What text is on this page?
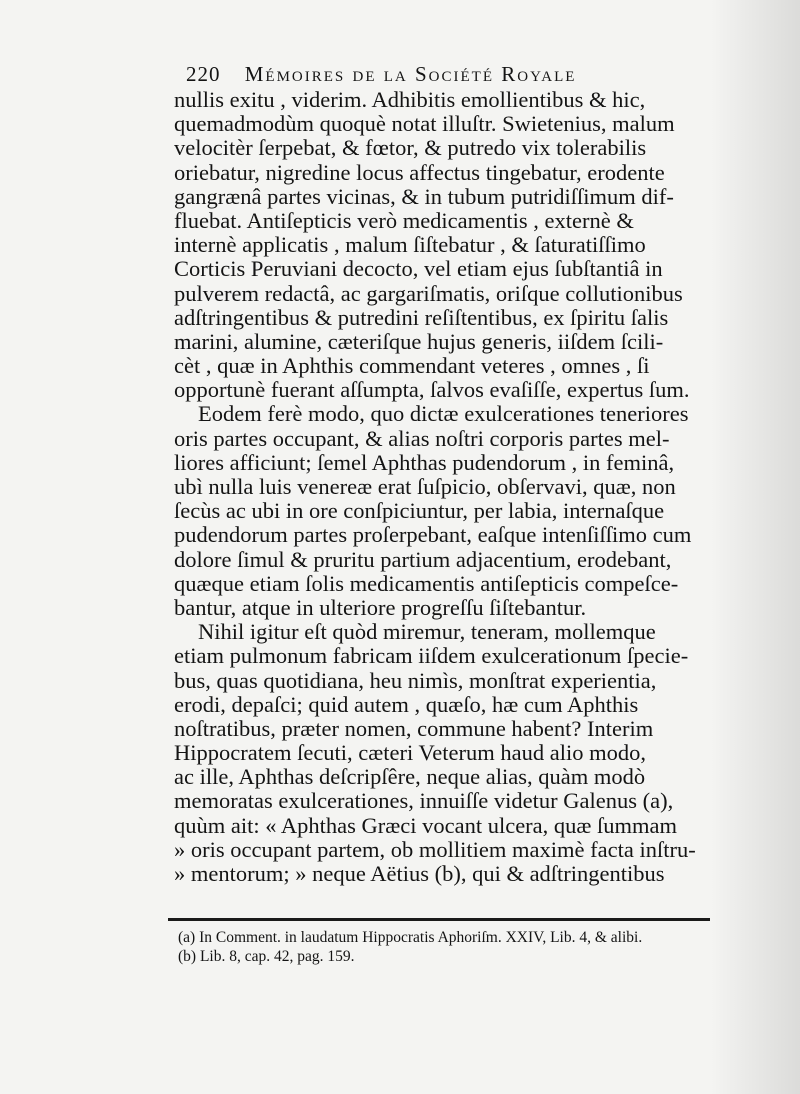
220 Mémoires de la Société Royale
nullis exitu , viderim. Adhibitis emollientibus & hic,
quemadmodùm quoquè notat illuſtr. Swietenius, malum
velocitèr ſerpebat, & fœtor, & putredo vix tolerabilis
oriebatur, nigredine locus affectus tingebatur, erodente
gangrænâ partes vicinas, & in tubum putridiſſimum dif-
fluebat. Antiſepticis verò medicamentis , externè &
internè applicatis , malum ſiſtebatur , & ſaturatiſſimo
Corticis Peruviani decocto, vel etiam ejus ſubſtantiâ in
pulverem redactâ, ac gargariſmatis, oriſque collutionibus
adſtringentibus & putredini reſiſtentibus, ex ſpiritu ſalis
marini, alumine, cæteriſque hujus generis, iiſdem ſcili-
cèt , quæ in Aphthis commendant veteres , omnes , ſi
opportunè fuerant aſſumpta, ſalvos evaſiſſe, expertus ſum.
Eodem ferè modo, quo dictæ exulcerationes teneriores
oris partes occupant, & alias noſtri corporis partes mel-
liores afficiunt; ſemel Aphthas pudendorum , in feminâ,
ubì nulla luis venereæ erat ſuſpicio, obſervavi, quæ, non
ſecùs ac ubi in ore conſpiciuntur, per labia, internaſque
pudendorum partes proſerpebant, eaſque intenſiſſimo cum
dolore ſimul & pruritu partium adjacentium, erodebant,
quæque etiam ſolis medicamentis antiſepticis compeſce-
bantur, atque in ulteriore progreſſu ſiſtebantur.
Nihil igitur eſt quòd miremur, teneram, mollemque
etiam pulmonum fabricam iiſdem exulcerationum ſpecie-
bus, quas quotidiana, heu nimìs, monſtrat experientia,
erodi, depaſci; quid autem , quæſo, hæ cum Aphthis
noſtratibus, præter nomen, commune habent? Interim
Hippocratem ſecuti, cæteri Veterum haud alio modo,
ac ille, Aphthas deſcripſêre, neque alias, quàm modò
memoratas exulcerationes, innuiſſe videtur Galenus (a),
quùm ait: « Aphthas Græci vocant ulcera, quæ ſummam
» oris occupant partem, ob mollitiem maximè facta inſtru-
» mentorum; » neque Aëtius (b), qui & adſtringentibus
(a) In Comment. in laudatum Hippocratis Aphoriſm. XXIV, Lib. 4, & alibi.
(b) Lib. 8, cap. 42, pag. 159.
